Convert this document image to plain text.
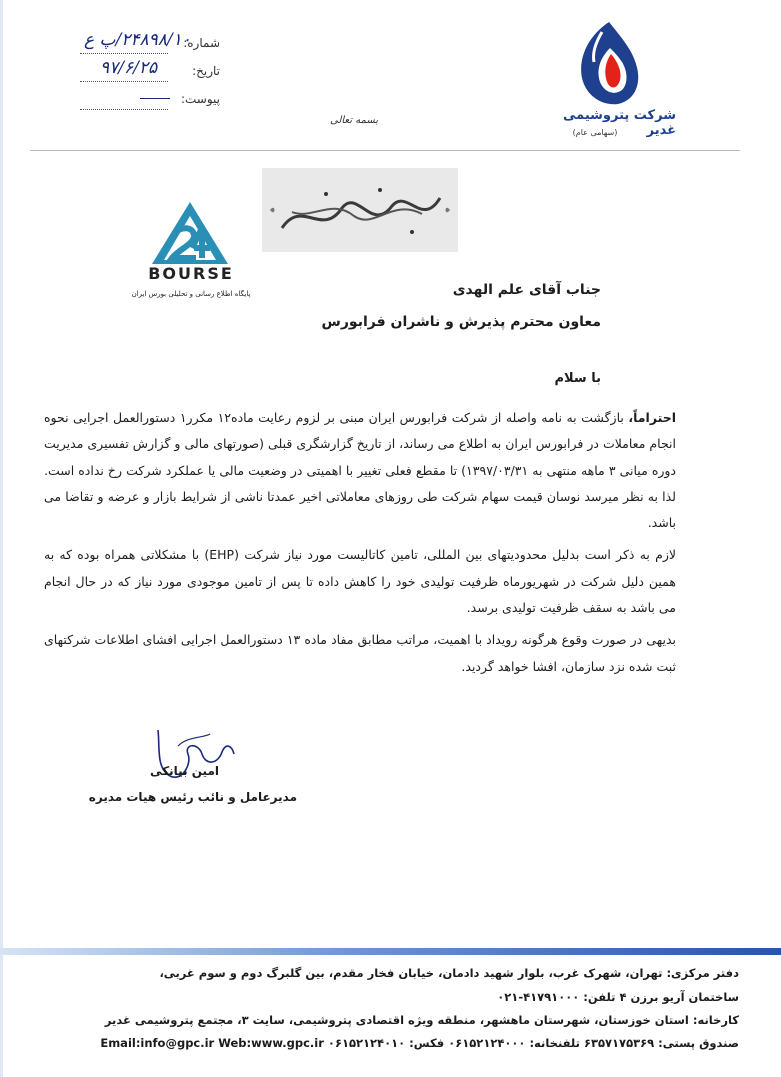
شماره:
۲۴۸۹۸/۱۰/پ ع
تاریخ:
۹۷/۶/۲۵
پیوست:
بسمه تعالی	شرکت پتروشیمی غدیر
(سهامی عام)
BOURSE
پایگاه اطلاع رسانی و تحلیلی بورس ایران	جناب آقای علم الهدی
معاون محترم پذیرش و ناشران فرابورس
با سلام

احتراماً، بازگشت به نامه واصله از شرکت فرابورس ایران مبنی بر لزوم رعایت ماده۱۲ مکرر۱ دستورالعمل اجرایی نحوه انجام معاملات در فرابورس ایران به اطلاع می رساند، از تاریخ گزارشگری قبلی (صورتهای مالی و گزارش تفسیری مدیریت دوره میانی ۳ ماهه منتهی به ۱۳۹۷/۰۳/۳۱) تا مقطع فعلی تغییر با اهمیتی در وضعیت مالی یا عملکرد شرکت رخ نداده است. لذا به نظر میرسد نوسان قیمت سهام شرکت طی روزهای معاملاتی اخیر عمدتا ناشی از شرایط بازار و عرضه و تقاضا می باشد.

لازم به ذکر است بدلیل محدودیتهای بین المللی، تامین کاتالیست مورد نیاز شرکت (EHP) با مشکلاتی همراه بوده که به همین دلیل شرکت در شهریورماه ظرفیت تولیدی خود را کاهش داده تا پس از تامین موجودی مورد نیاز که در حال انجام می باشد به سقف ظرفیت تولیدی برسد.

بدیهی در صورت وقوع هرگونه رویداد با اهمیت، مراتب مطابق مفاد ماده ۱۳ دستورالعمل اجرایی افشای اطلاعات شرکتهای ثبت شده نزد سازمان، افشا خواهد گردید.

امین بیانکی
مدیرعامل و نائب رئیس هیات مدیره
دفتر مرکزی: تهران، شهرک غرب، بلوار شهید دادمان، خیابان فخار مقدم، بین گلبرگ دوم و سوم غربی،
ساختمان آریو برزن ۴ تلفن: ۴۱۷۹۱۰۰۰-۰۲۱
کارخانه: استان خوزستان، شهرستان ماهشهر، منطقه ویژه اقتصادی پتروشیمی، سایت ۳، مجتمع پتروشیمی غدیر
صندوق پستی: ۶۳۵۷۱۷۵۳۶۹ تلفنخانه: ۰۶۱۵۲۱۲۴۰۰۰ فکس: ۰۶۱۵۲۱۲۴۰۱۰ Email:info@gpc.ir Web:www.gpc.ir
